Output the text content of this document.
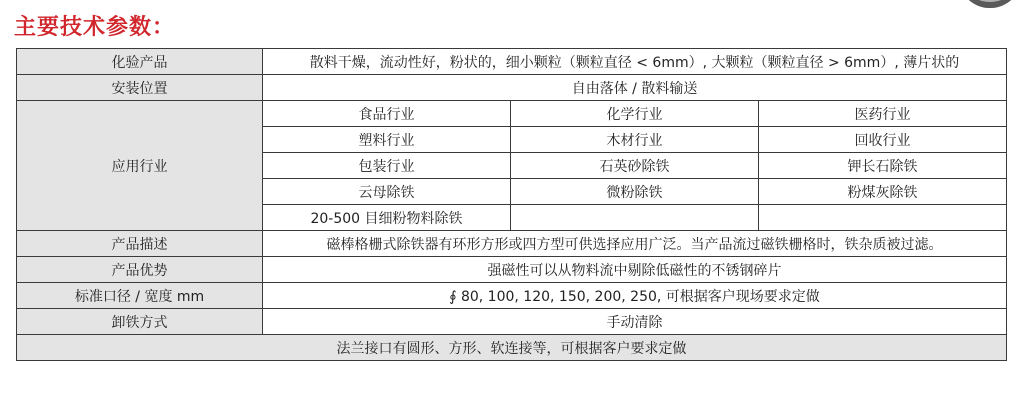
主要技术参数：
化验产品	散料干燥，流动性好，粉状的，细小颗粒（颗粒直径 < 6mm）, 大颗粒（颗粒直径 > 6mm）, 薄片状的		
安装位置	自由落体 / 散料输送		
应用行业	食品行业	化学行业	医药行业
	塑料行业	木材行业	回收行业
	包装行业	石英砂除铁	钾长石除铁
	云母除铁	微粉除铁	粉煤灰除铁
	20-500 目细粉物料除铁		
产品描述	磁棒格栅式除铁器有环形方形或四方型可供选择应用广泛。当产品流过磁铁栅格时，铁杂质被过滤。		
产品优势	强磁性可以从物料流中剔除低磁性的不锈钢碎片		
标准口径 / 宽度 mm	∮ 80, 100, 120, 150, 200, 250, 可根据客户现场要求定做		
卸铁方式	手动清除		
法兰接口有圆形、方形、软连接等，可根据客户要求定做			
